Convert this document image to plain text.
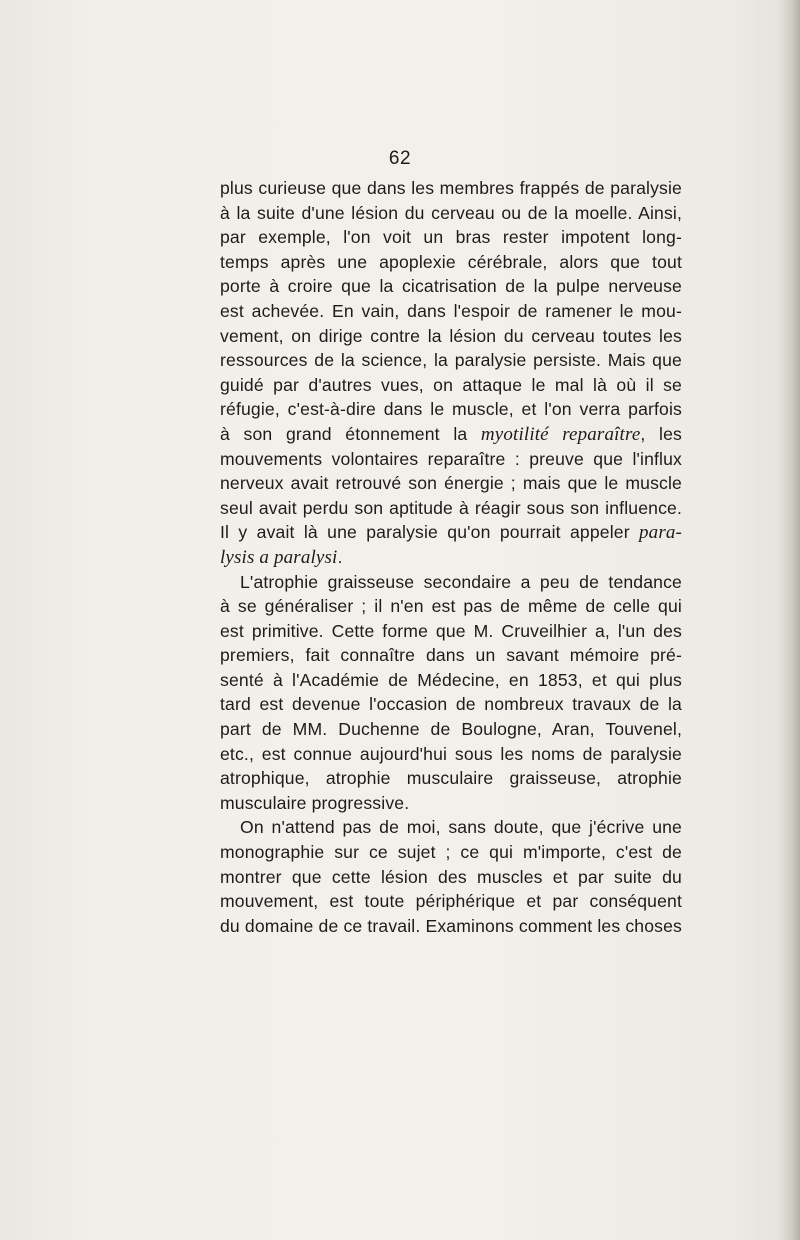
62
plus curieuse que dans les membres frappés de paralysie
à la suite d'une lésion du cerveau ou de la moelle. Ainsi,
par exemple, l'on voit un bras rester impotent long-
temps après une apoplexie cérébrale, alors que tout
porte à croire que la cicatrisation de la pulpe nerveuse
est achevée. En vain, dans l'espoir de ramener le mou-
vement, on dirige contre la lésion du cerveau toutes les
ressources de la science, la paralysie persiste. Mais que
guidé par d'autres vues, on attaque le mal là où il se
réfugie, c'est-à-dire dans le muscle, et l'on verra parfois
à son grand étonnement la myotilité reparaître, les
mouvements volontaires reparaître : preuve que l'influx
nerveux avait retrouvé son énergie ; mais que le muscle
seul avait perdu son aptitude à réagir sous son influence.
Il y avait là une paralysie qu'on pourrait appeler para-
lysis a paralysi.
L'atrophie graisseuse secondaire a peu de tendance
à se généraliser ; il n'en est pas de même de celle qui
est primitive. Cette forme que M. Cruveilhier a, l'un des
premiers, fait connaître dans un savant mémoire pré-
senté à l'Académie de Médecine, en 1853, et qui plus
tard est devenue l'occasion de nombreux travaux de la
part de MM. Duchenne de Boulogne, Aran, Touvenel,
etc., est connue aujourd'hui sous les noms de paralysie
atrophique, atrophie musculaire graisseuse, atrophie
musculaire progressive.
On n'attend pas de moi, sans doute, que j'écrive une
monographie sur ce sujet ; ce qui m'importe, c'est de
montrer que cette lésion des muscles et par suite du
mouvement, est toute périphérique et par conséquent
du domaine de ce travail. Examinons comment les choses
